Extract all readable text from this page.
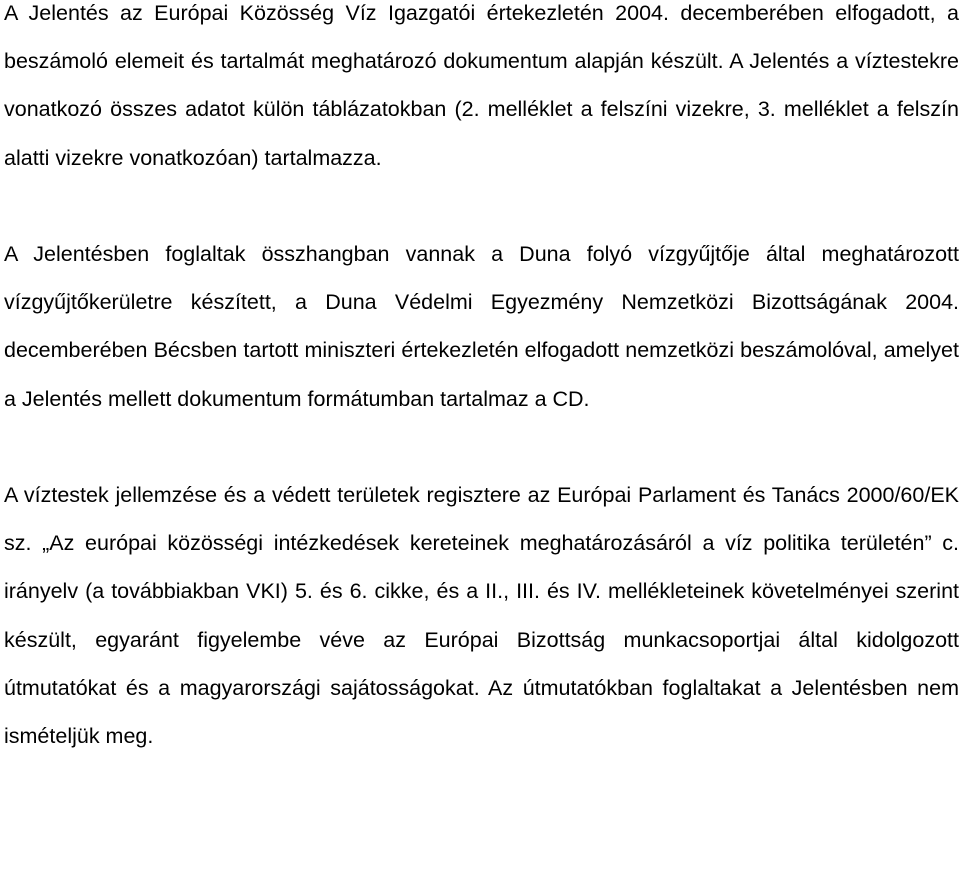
A Jelentés az Európai Közösség Víz Igazgatói értekezletén 2004. decemberében elfogadott, a beszámoló elemeit és tartalmát meghatározó dokumentum alapján készült. A Jelentés a víztestekre vonatkozó összes adatot külön táblázatokban (2. melléklet a felszíni vizekre, 3. melléklet a felszín alatti vizekre vonatkozóan) tartalmazza.

A Jelentésben foglaltak összhangban vannak a Duna folyó vízgyűjtője által meghatározott vízgyűjtőkerületre készített, a Duna Védelmi Egyezmény Nemzetközi Bizottságának 2004. decemberében Bécsben tartott miniszteri értekezletén elfogadott nemzetközi beszámolóval, amelyet a Jelentés mellett dokumentum formátumban tartalmaz a CD.

A víztestek jellemzése és a védett területek regisztere az Európai Parlament és Tanács 2000/60/EK sz. „Az európai közösségi intézkedések kereteinek meghatározásáról a víz politika területén” c. irányelv (a továbbiakban VKI) 5. és 6. cikke, és a II., III. és IV. mellékleteinek követelményei szerint készült, egyaránt figyelembe véve az Európai Bizottság munkacsoportjai által kidolgozott útmutatókat és a magyarországi sajátosságokat. Az útmutatókban foglaltakat a Jelentésben nem ismételjük meg.
